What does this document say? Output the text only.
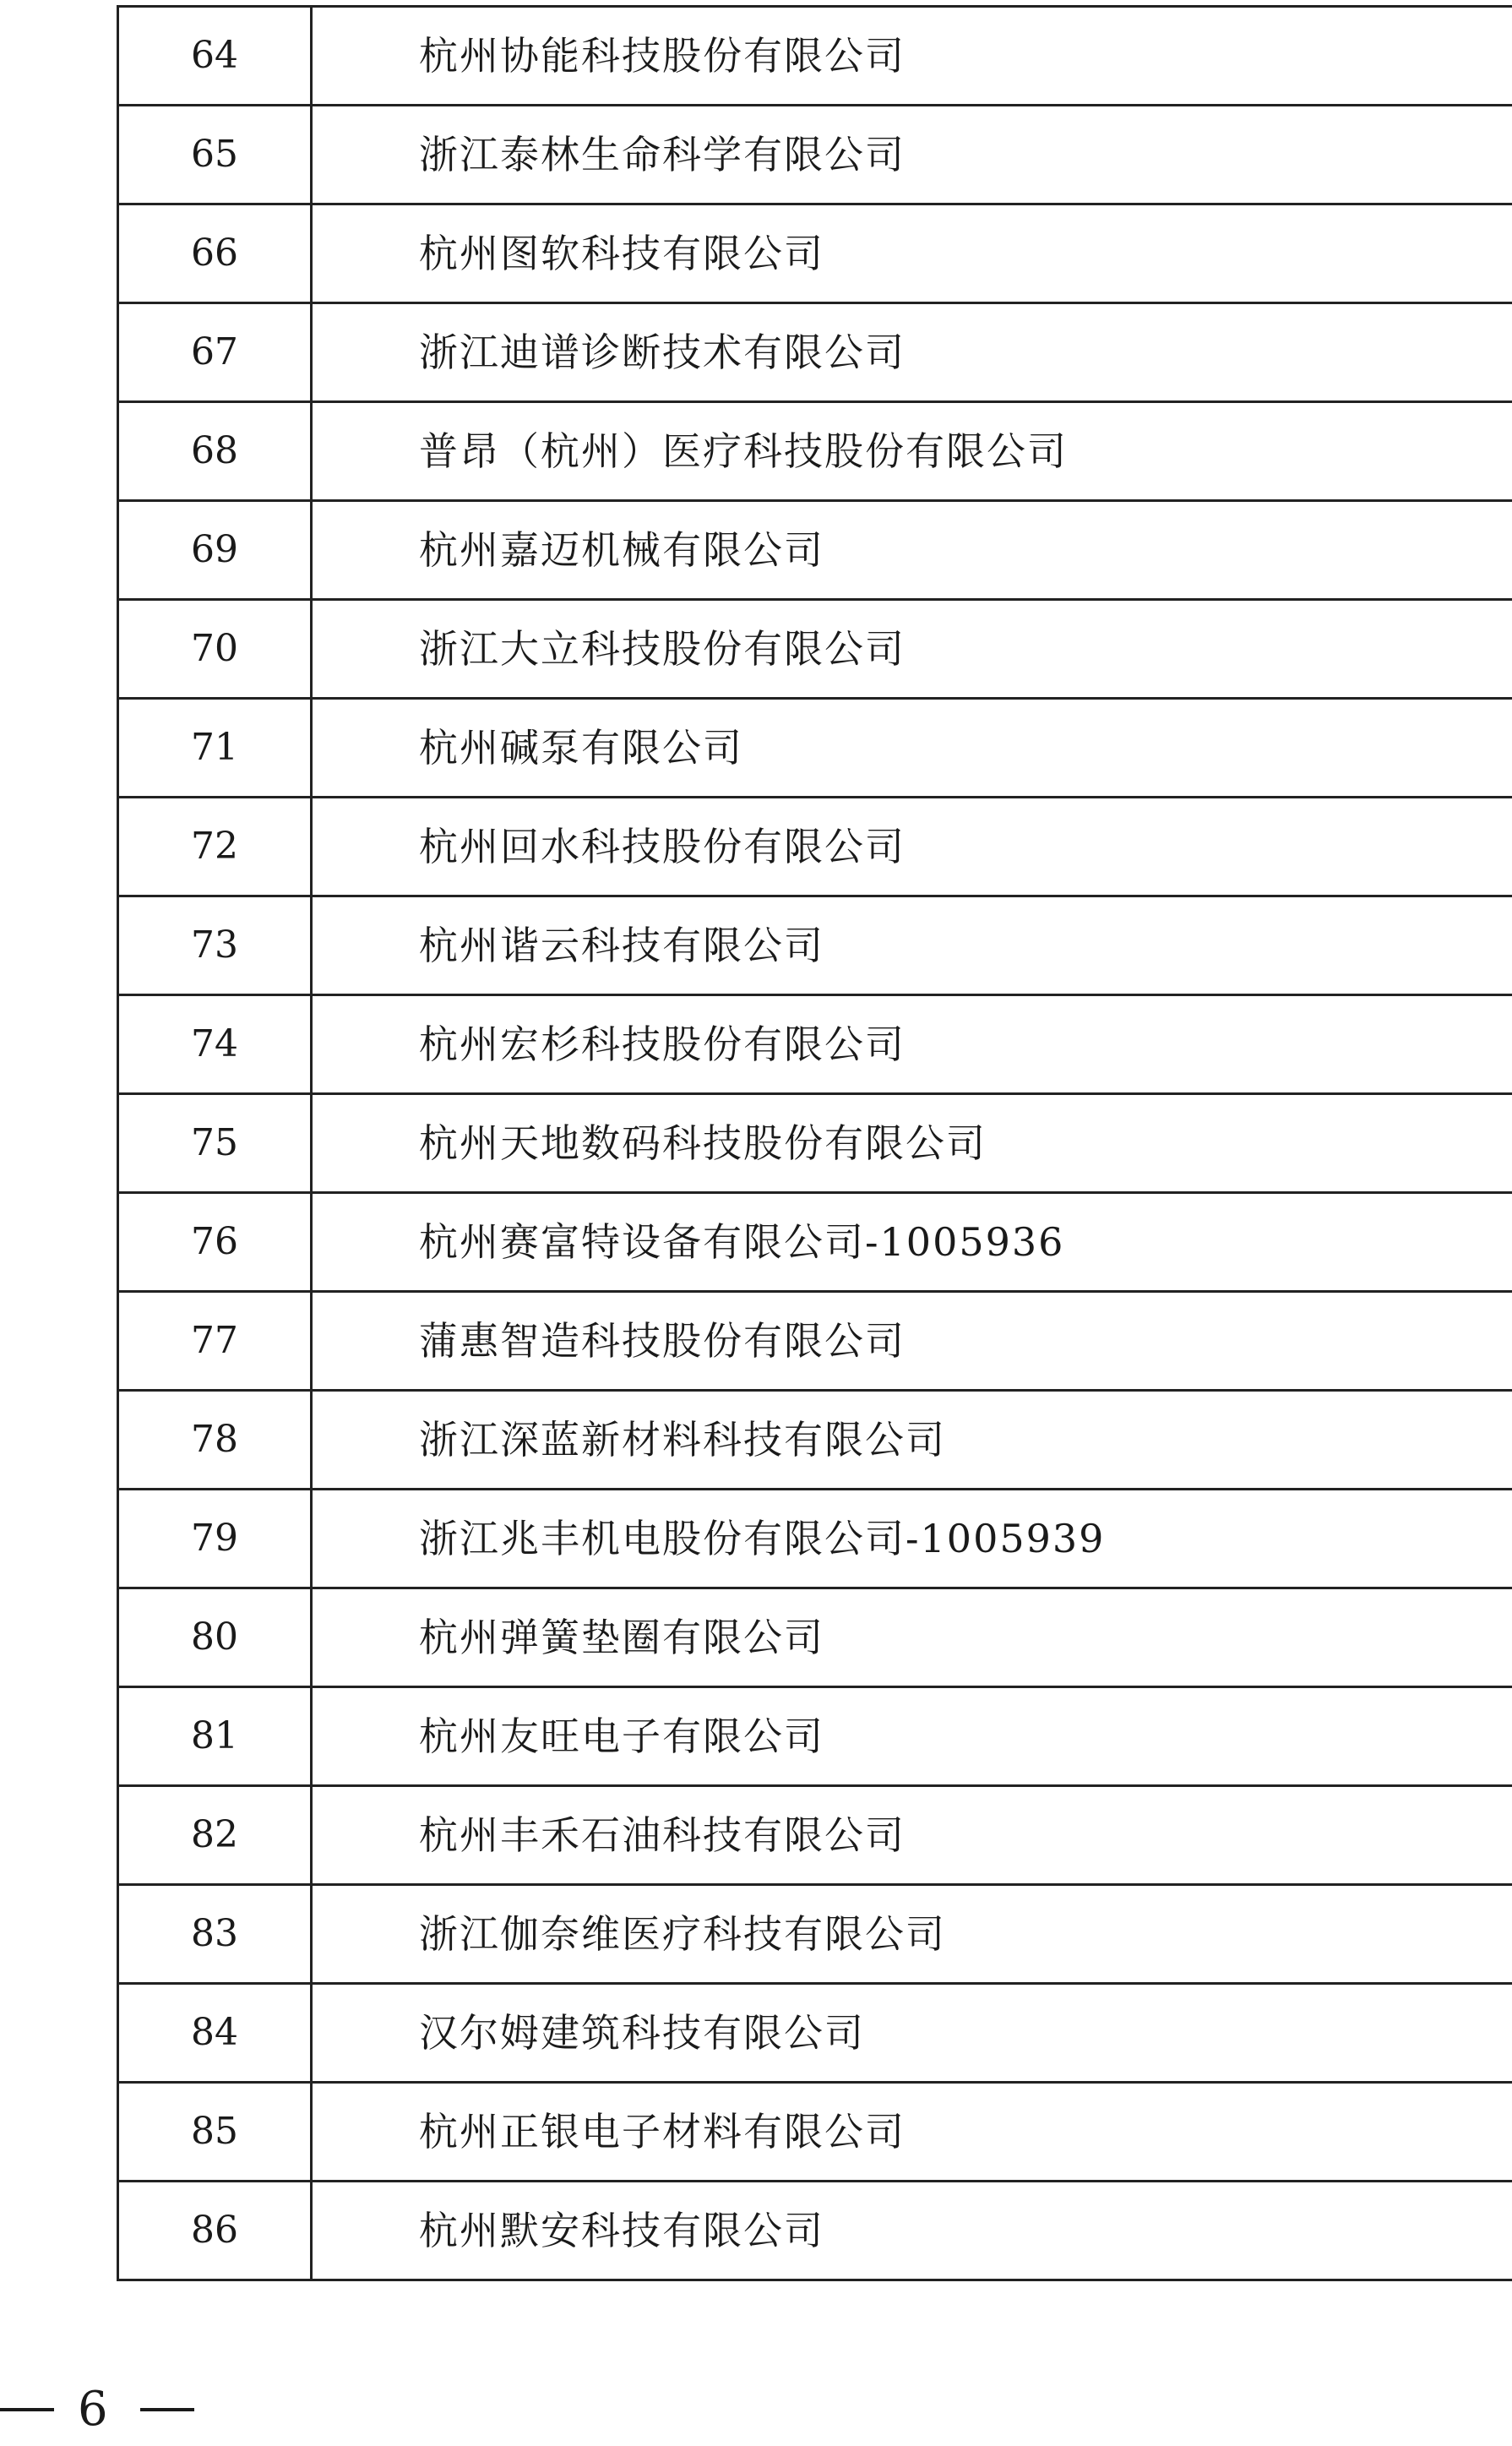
64	杭州协能科技股份有限公司
65	浙江泰林生命科学有限公司
66	杭州图软科技有限公司
67	浙江迪谱诊断技术有限公司
68	普昂（杭州）医疗科技股份有限公司
69	杭州嘉迈机械有限公司
70	浙江大立科技股份有限公司
71	杭州碱泵有限公司
72	杭州回水科技股份有限公司
73	杭州谐云科技有限公司
74	杭州宏杉科技股份有限公司
75	杭州天地数码科技股份有限公司
76	杭州赛富特设备有限公司-1005936
77	蒲惠智造科技股份有限公司
78	浙江深蓝新材料科技有限公司
79	浙江兆丰机电股份有限公司-1005939
80	杭州弹簧垫圈有限公司
81	杭州友旺电子有限公司
82	杭州丰禾石油科技有限公司
83	浙江伽奈维医疗科技有限公司
84	汉尔姆建筑科技有限公司
85	杭州正银电子材料有限公司
86	杭州默安科技有限公司
6
